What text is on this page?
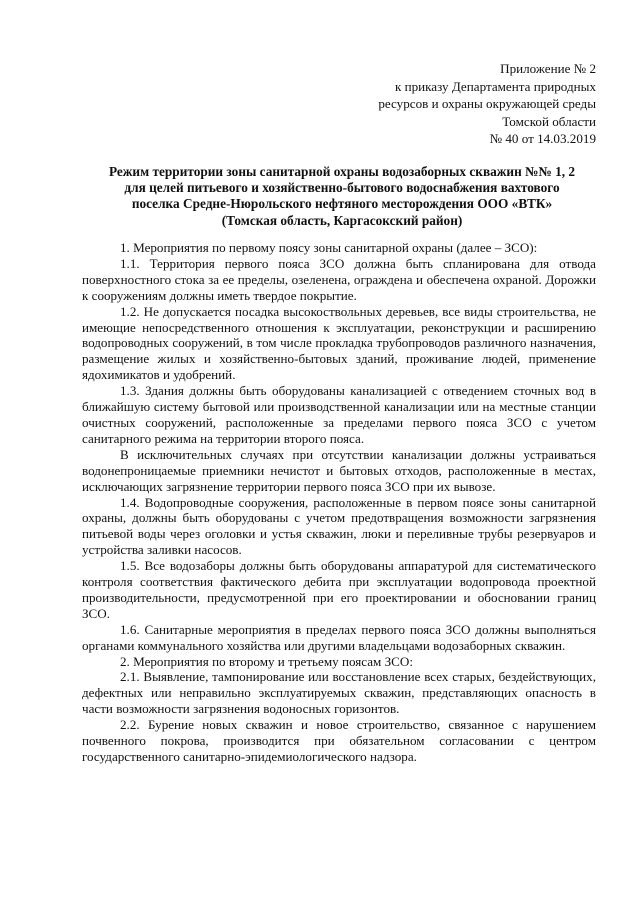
Приложение № 2
к приказу Департамента природных
ресурсов и охраны окружающей среды
Томской области
№ 40 от 14.03.2019
Режим территории зоны санитарной охраны водозаборных скважин №№ 1, 2
для целей питьевого и хозяйственно-бытового водоснабжения вахтового
поселка Средне-Нюрольского нефтяного месторождения ООО «ВТК»
(Томская область, Каргасокский район)

1. Мероприятия по первому поясу зоны санитарной охраны (далее – ЗСО):

1.1. Территория первого пояса ЗСО должна быть спланирована для отвода поверхностного стока за ее пределы, озеленена, ограждена и обеспечена охраной. Дорожки к сооружениям должны иметь твердое покрытие.

1.2. Не допускается посадка высокоствольных деревьев, все виды строительства, не имеющие непосредственного отношения к эксплуатации, реконструкции и расширению водопроводных сооружений, в том числе прокладка трубопроводов различного назначения, размещение жилых и хозяйственно-бытовых зданий, проживание людей, применение ядохимикатов и удобрений.

1.3. Здания должны быть оборудованы канализацией с отведением сточных вод в ближайшую систему бытовой или производственной канализации или на местные станции очистных сооружений, расположенные за пределами первого пояса ЗСО с учетом санитарного режима на территории второго пояса.

В исключительных случаях при отсутствии канализации должны устраиваться водонепроницаемые приемники нечистот и бытовых отходов, расположенные в местах, исключающих загрязнение территории первого пояса ЗСО при их вывозе.

1.4. Водопроводные сооружения, расположенные в первом поясе зоны санитарной охраны, должны быть оборудованы с учетом предотвращения возможности загрязнения питьевой воды через оголовки и устья скважин, люки и переливные трубы резервуаров и устройства заливки насосов.

1.5. Все водозаборы должны быть оборудованы аппаратурой для систематического контроля соответствия фактического дебита при эксплуатации водопровода проектной производительности, предусмотренной при его проектировании и обосновании границ ЗСО.

1.6. Санитарные мероприятия в пределах первого пояса ЗСО должны выполняться органами коммунального хозяйства или другими владельцами водозаборных скважин.

2. Мероприятия по второму и третьему поясам ЗСО:

2.1. Выявление, тампонирование или восстановление всех старых, бездействующих, дефектных или неправильно эксплуатируемых скважин, представляющих опасность в части возможности загрязнения водоносных горизонтов.

2.2. Бурение новых скважин и новое строительство, связанное с нарушением почвенного покрова, производится при обязательном согласовании с центром государственного санитарно-эпидемиологического надзора.
